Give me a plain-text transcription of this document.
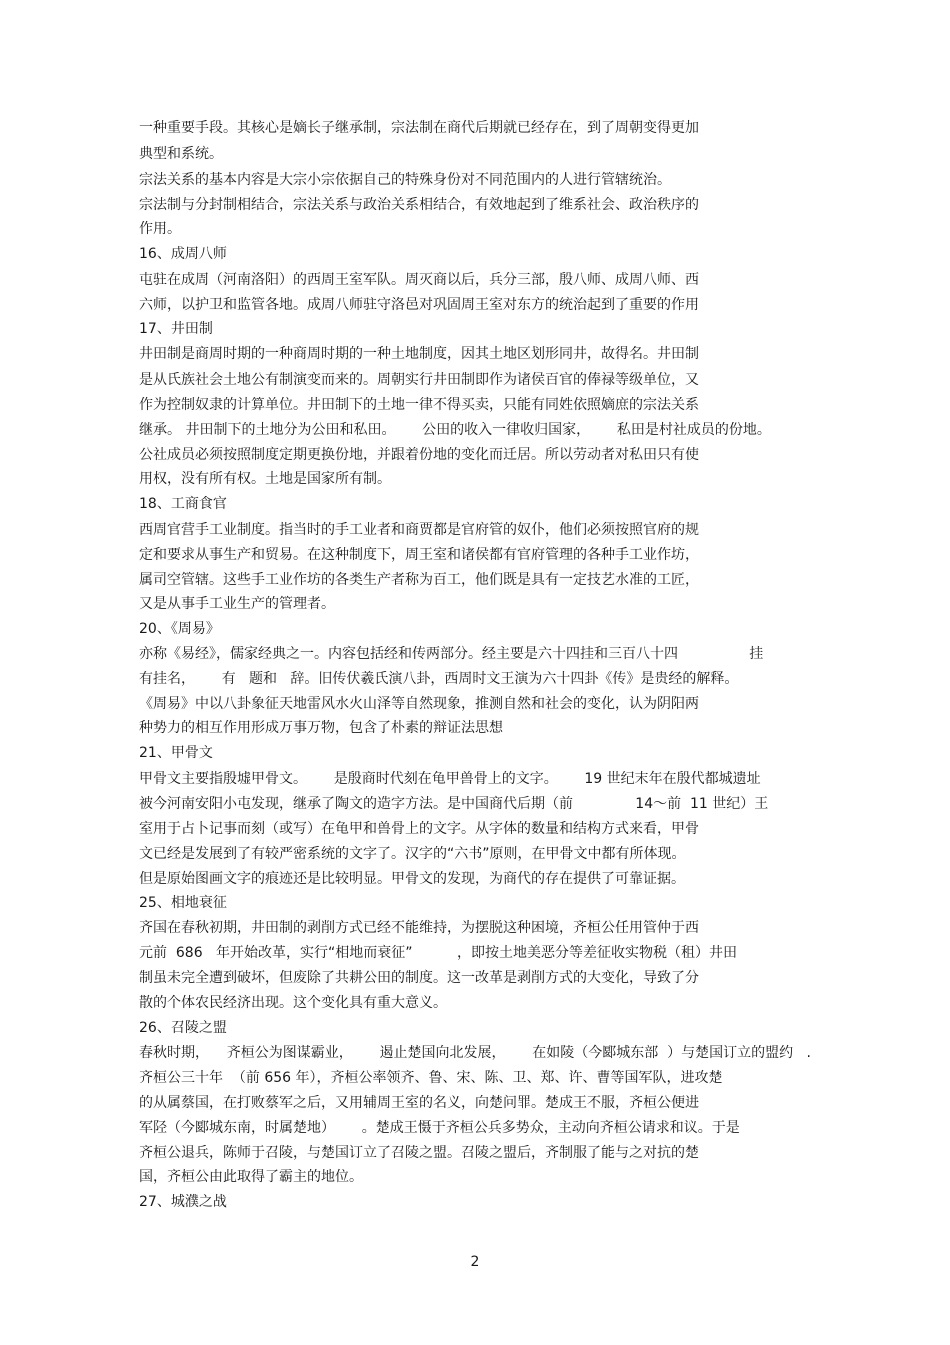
一种重要手段。其核心是嫡长子继承制，宗法制在商代后期就已经存在，到了周朝变得更加
典型和系统。
宗法关系的基本内容是大宗小宗依据自己的特殊身份对不同范围内的人进行管辖统治。
宗法制与分封制相结合，宗法关系与政治关系相结合，有效地起到了维系社会、政治秩序的
作用。
16、成周八师
屯驻在成周（河南洛阳）的西周王室军队。周灭商以后，兵分三部，殷八师、成周八师、西
六师，以护卫和监管各地。成周八师驻守洛邑对巩固周王室对东方的统治起到了重要的作用
17、井田制
井田制是商周时期的一种商周时期的一种土地制度，因其土地区划形同井，故得名。井田制
是从氏族社会土地公有制演变而来的。周朝实行井田制即作为诸侯百官的俸禄等级单位，又
作为控制奴隶的计算单位。井田制下的土地一律不得买卖，只能有同姓依照嫡庶的宗法关系
继承。 井田制下的土地分为公田和私田。      公田的收入一律收归国家，      私田是村社成员的份地。
公社成员必须按照制度定期更换份地，并跟着份地的变化而迁居。所以劳动者对私田只有使
用权，没有所有权。土地是国家所有制。
18、工商食官
西周官营手工业制度。指当时的手工业者和商贾都是官府管的奴仆，他们必须按照官府的规
定和要求从事生产和贸易。在这种制度下，周王室和诸侯都有官府管理的各种手工业作坊，
属司空管辖。这些手工业作坊的各类生产者称为百工，他们既是具有一定技艺水准的工匠，
又是从事手工业生产的管理者。
20、《周易》
亦称《易经》，儒家经典之一。内容包括经和传两部分。经主要是六十四挂和三百八十四                挂
有挂名，      有   题和   辞。旧传伏羲氏演八卦，西周时文王演为六十四卦《传》是贵经的解释。
《周易》中以八卦象征天地雷风水火山泽等自然现象，推测自然和社会的变化，认为阴阳两
种势力的相互作用形成万事万物，包含了朴素的辩证法思想
21、甲骨文
甲骨文主要指殷墟甲骨文。      是殷商时代刻在龟甲兽骨上的文字。      19 世纪末年在殷代都城遗址
被今河南安阳小屯发现，继承了陶文的造字方法。是中国商代后期（前              14～前  11 世纪）王
室用于占卜记事而刻（或写）在龟甲和兽骨上的文字。从字体的数量和结构方式来看，甲骨
文已经是发展到了有较严密系统的文字了。汉字的“六书”原则，在甲骨文中都有所体现。
但是原始图画文字的痕迹还是比较明显。甲骨文的发现，为商代的存在提供了可靠证据。
25、相地衰征
齐国在春秋初期，井田制的剥削方式已经不能维持，为摆脱这种困境，齐桓公任用管仲于西
元前  686   年开始改革，实行“相地而衰征”          ，即按土地美恶分等差征收实物税（租）井田
制虽未完全遭到破坏，但废除了共耕公田的制度。这一改革是剥削方式的大变化，导致了分
散的个体农民经济出现。这个变化具有重大意义。
26、召陵之盟
春秋时期，    齐桓公为图谋霸业，      遏止楚国向北发展，      在如陵（今郾城东部  ）与楚国订立的盟约   .
齐桓公三十年  （前 656 年），齐桓公率领齐、鲁、宋、陈、卫、郑、许、曹等国军队，进攻楚
的从属蔡国，在打败蔡军之后，又用辅周王室的名义，向楚问罪。楚成王不服，齐桓公便进
军陉（今郾城东南，时属楚地）      。楚成王慑于齐桓公兵多势众，主动向齐桓公请求和议。于是
齐桓公退兵，陈师于召陵，与楚国订立了召陵之盟。召陵之盟后，齐制服了能与之对抗的楚
国，齐桓公由此取得了霸主的地位。
27、城濮之战
2
